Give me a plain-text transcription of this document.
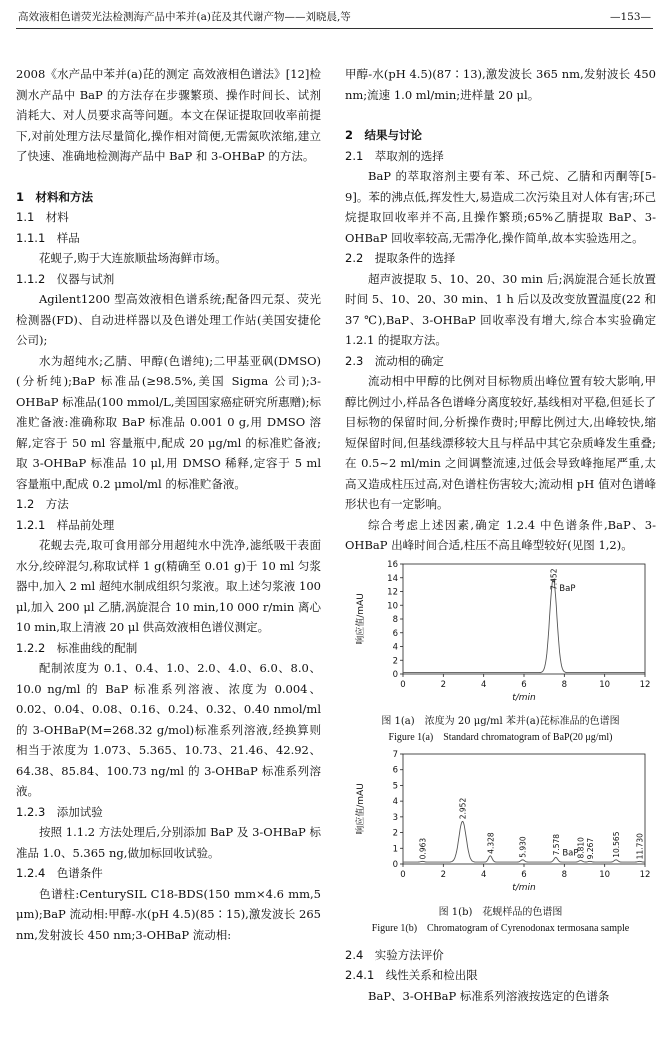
高效液相色谱荧光法检测海产品中苯并(a)芘及其代谢产物——刘晓晨,等	—153—

2008《水产品中苯并(a)芘的测定 高效液相色谱法》[12]检测水产品中 BaP 的方法存在步骤繁琐、操作时间长、试剂消耗大、对人员要求高等问题。本文在保证提取回收率前提下,对前处理方法尽量简化,操作相对简便,无需氮吹浓缩,建立了快速、准确地检测海产品中 BaP 和 3-OHBaP 的方法。

1　材料和方法
1.1　材料
1.1.1　样品

花蚬子,购于大连旅顺盐场海鲜市场。

1.1.2　仪器与试剂

Agilent1200 型高效液相色谱系统;配备四元泵、荧光检测器(FD)、自动进样器以及色谱处理工作站(美国安捷伦公司);

水为超纯水;乙腈、甲醇(色谱纯);二甲基亚砜(DMSO)(分析纯);BaP 标准品(≥98.5%,美国 Sigma 公司);3-OHBaP 标准品(100 mmol/L,美国国家癌症研究所惠赠);标准贮备液:准确称取 BaP 标准品 0.001 0 g,用 DMSO 溶解,定容于 50 ml 容量瓶中,配成 20 μg/ml 的标准贮备液;取 3-OHBaP 标准品 10 μl,用 DMSO 稀释,定容于 5 ml 容量瓶中,配成 0.2 μmol/ml 的标准贮备液。

1.2　方法
1.2.1　样品前处理

花蚬去壳,取可食用部分用超纯水中洗净,滤纸吸干表面水分,绞碎混匀,称取试样 1 g(精确至 0.01 g)于 10 ml 匀浆器中,加入 2 ml 超纯水制成组织匀浆液。取上述匀浆液 100 μl,加入 200 μl 乙腈,涡旋混合 10 min,10 000 r/min 离心 10 min,取上清液 20 μl 供高效液相色谱仪测定。

1.2.2　标准曲线的配制

配制浓度为 0.1、0.4、1.0、2.0、4.0、6.0、8.0、10.0 ng/ml 的 BaP 标准系列溶液、浓度为 0.004、0.02、0.04、0.08、0.16、0.24、0.32、0.40 nmol/ml 的 3-OHBaP(M=268.32 g/mol)标准系列溶液,经换算则相当于浓度为 1.073、5.365、10.73、21.46、42.92、64.38、85.84、100.73 ng/ml 的 3-OHBaP 标准系列溶液。

1.2.3　添加试验

按照 1.1.2 方法处理后,分别添加 BaP 及 3-OHBaP 标准品 1.0、5.365 ng,做加标回收试验。

1.2.4　色谱条件

色谱柱:CenturySIL C18-BDS(150 mm×4.6 mm,5 μm);BaP 流动相:甲醇-水(pH 4.5)(85∶15),激发波长 265 nm,发射波长 450 nm;3-OHBaP 流动相:

甲醇-水(pH 4.5)(87∶13),激发波长 365 nm,发射波长 450 nm;流速 1.0 ml/min;进样量 20 μl。

2　结果与讨论
2.1　萃取剂的选择

BaP 的萃取溶剂主要有苯、环己烷、乙腈和丙酮等[5-9]。苯的沸点低,挥发性大,易造成二次污染且对人体有害;环己烷提取回收率并不高,且操作繁琐;65%乙腈提取 BaP、3-OHBaP 回收率较高,无需净化,操作简单,故本实验选用之。

2.2　提取条件的选择

超声波提取 5、10、20、30 min 后;涡旋混合延长放置时间 5、10、20、30 min、1 h 后以及改变放置温度(22 和 37 ℃),BaP、3-OHBaP 回收率没有增大,综合本实验确定 1.2.1 的提取方法。

2.3　流动相的确定

流动相中甲醇的比例对目标物质出峰位置有较大影响,甲醇比例过小,样品各色谱峰分离度较好,基线相对平稳,但延长了目标物的保留时间,分析操作费时;甲醇比例过大,出峰较快,缩短保留时间,但基线漂移较大且与样品中其它杂质峰发生重叠;在 0.5~2 ml/min 之间调整流速,过低会导致峰拖尾严重,太高又造成柱压过高,对色谱柱伤害较大;流动相 pH 值对色谱峰形状也有一定影响。

综合考虑上述因素,确定 1.2.4 中色谱条件,BaP、3-OHBaP 出峰时间合适,柱压不高且峰型较好(见图 1,2)。

0	2	4	6	8	10	12
0
2
4
6
8
10
12
14
16
t/min
响应值/mAU
7.452 BaP
图 1(a)　浓度为 20 μg/ml 苯并(a)芘标准品的色谱图
Figure 1(a)　Standard chromatogram of BaP(20 μg/ml)
0	2	4	6	8	10	12
0
1
2
3
4
5
6
7
t/min
响应值/mAU
0.963
2.952
4.328	5.930	7.578 8.810 9.267 10.565 11.730
BaP
图 1(b)　花蚬样品的色谱图
Figure 1(b)　Chromatogram of Cyrenodonax termosana sample
2.4　实验方法评价
2.4.1　线性关系和检出限

BaP、3-OHBaP 标准系列溶液按选定的色谱条
